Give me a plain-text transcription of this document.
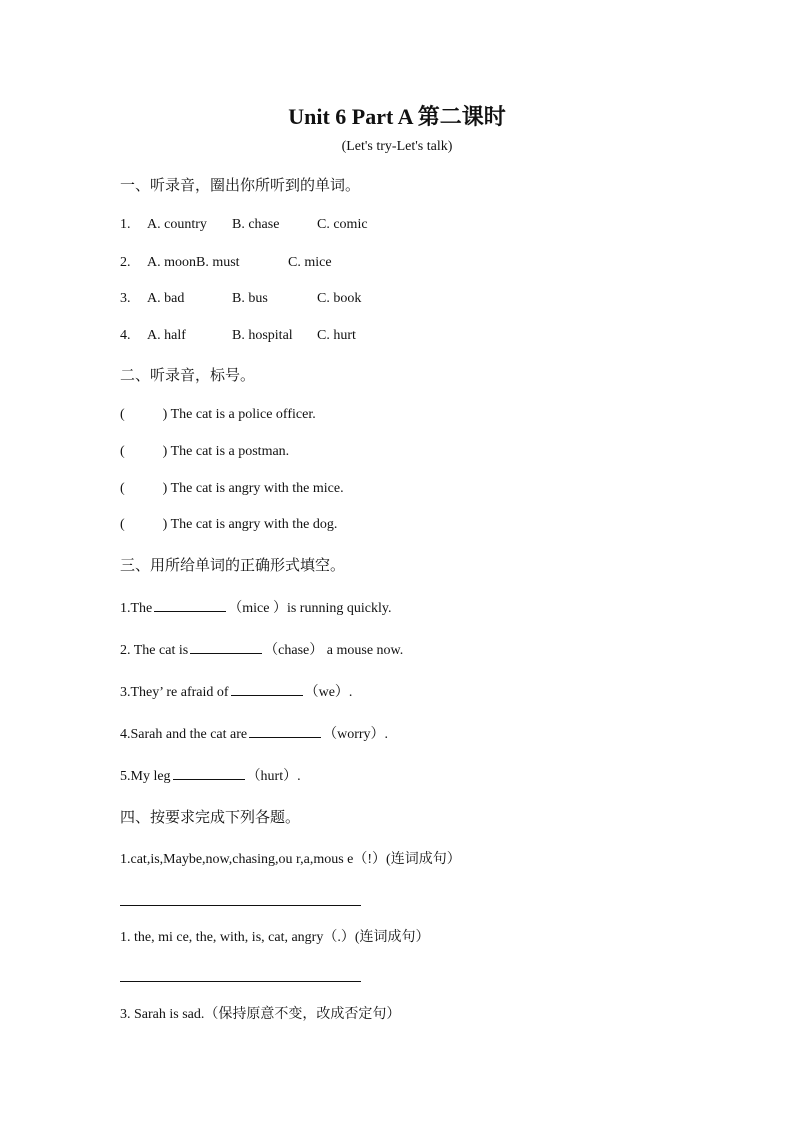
Unit 6 Part A 第二课时
(Let's try-Let's talk)
一、听录音，圈出你所听到的单词。
1. A. country B. chase	C. comic
2. A. moonB. must	C. mice
3. A. bad	B. bus	C. book
4. A. half	B. hospital C. hurt
二、听录音，标号。
(	) The cat is a police officer.
(	) The cat is a postman.
(	) The cat is angry with the mice.
(	) The cat is angry with the dog.
三、用所给单词的正确形式填空。
1.The	（mice ）is running quickly.
2. The cat is	（chase） a mouse now.
3.They’ re afraid of	（we）.
4.Sarah and the cat are	（worry）.
5.My leg	（hurt）.
四、按要求完成下列各题。
1.cat,is,Maybe,now,chasing,ou r,a,mous e（!）(连词成句）
1. the, mi ce, the, with, is, cat, angry（.）(连词成句）
3. Sarah is sad.（保持原意不变，改成否定句）
